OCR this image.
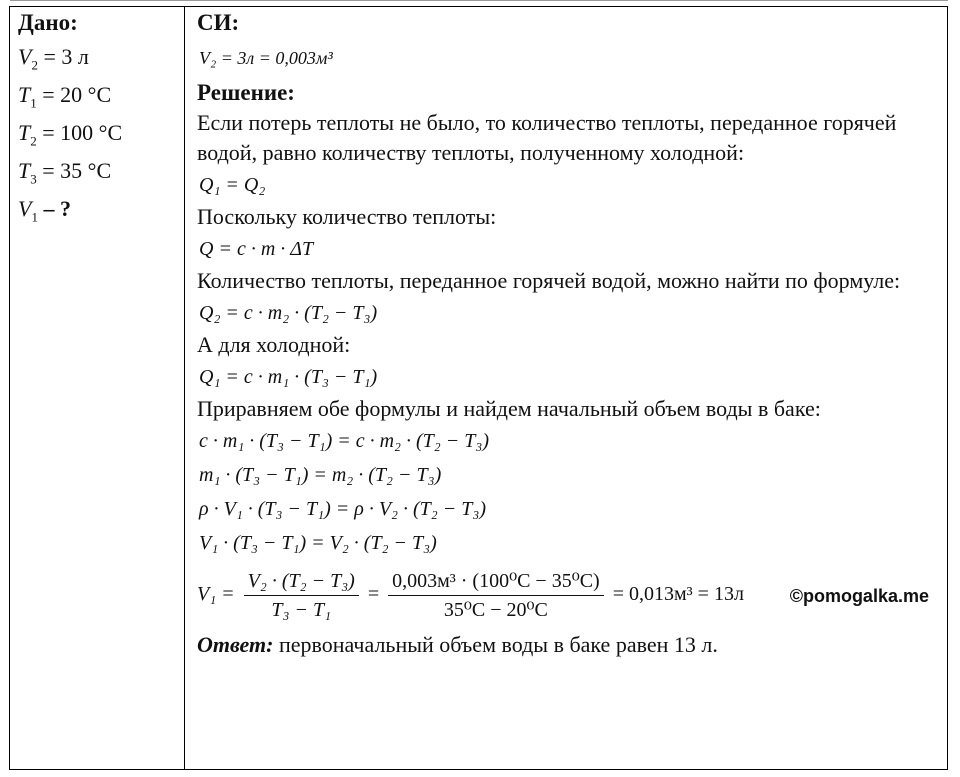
Дано:
$V_2 = 3$ л
$T_1 = 20$ °C
$T_2 = 100$ °C
$T_3 = 35$ °C
$V_1$ – ?
СИ:
V₂ = 3л = 0,003м³
Решение:
Если потерь теплоты не было, то количество теплоты, переданное горячей водой, равно количеству теплоты, полученному холодной:
Q₁ = Q₂
Поскольку количество теплоты:
Q = c · m · ΔT
Количество теплоты, переданное горячей водой, можно найти по формуле:
Q₂ = c · m₂ · (T₂ − T₃)
А для холодной:
Q₁ = c · m₁ · (T₃ − T₁)
Приравняем обе формулы и найдем начальный объем воды в баке:
c · m₁ · (T₃ − T₁) = c · m₂ · (T₂ − T₃)
m₁ · (T₃ − T₁) = m₂ · (T₂ − T₃)
ρ · V₁ · (T₃ − T₁) = ρ · V₂ · (T₂ − T₃)
V₁ · (T₃ − T₁) = V₂ · (T₂ − T₃)
$V_1 = \frac{\text{V₂ · (T₂ − T₃)}}{\text{T₃ − T₁}} = \frac{\text{0,003м³ · (100⁰C − 35⁰C)}}{\text{35⁰C − 20⁰C}} = 0,013м^3 = 13л$	©pomogalka.me
Ответ: первоначальный объем воды в баке равен 13 л.
